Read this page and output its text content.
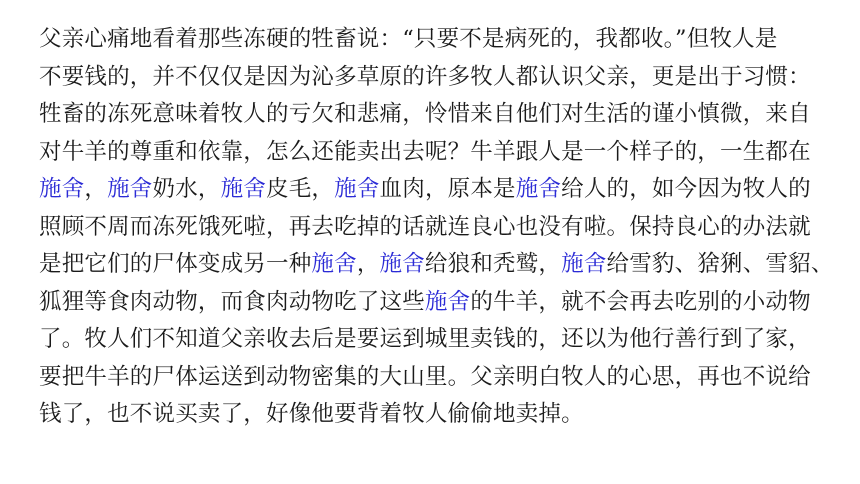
父亲心痛地看着那些冻硬的牲畜说：“只要不是病死的，我都收。”但牧人是
不要钱的，并不仅仅是因为沁多草原的许多牧人都认识父亲，更是出于习惯：
牲畜的冻死意味着牧人的亏欠和悲痛，怜惜来自他们对生活的谨小慎微，来自
对牛羊的尊重和依靠，怎么还能卖出去呢？牛羊跟人是一个样子的，一生都在
施舍，施舍奶水，施舍皮毛，施舍血肉，原本是施舍给人的，如今因为牧人的
照顾不周而冻死饿死啦，再去吃掉的话就连良心也没有啦。保持良心的办法就
是把它们的尸体变成另一种施舍，施舍给狼和秃鹫，施舍给雪豹、猞猁、雪貂、
狐狸等食肉动物，而食肉动物吃了这些施舍的牛羊，就不会再去吃别的小动物
了。牧人们不知道父亲收去后是要运到城里卖钱的，还以为他行善行到了家，
要把牛羊的尸体运送到动物密集的大山里。父亲明白牧人的心思，再也不说给
钱了，也不说买卖了，好像他要背着牧人偷偷地卖掉。
